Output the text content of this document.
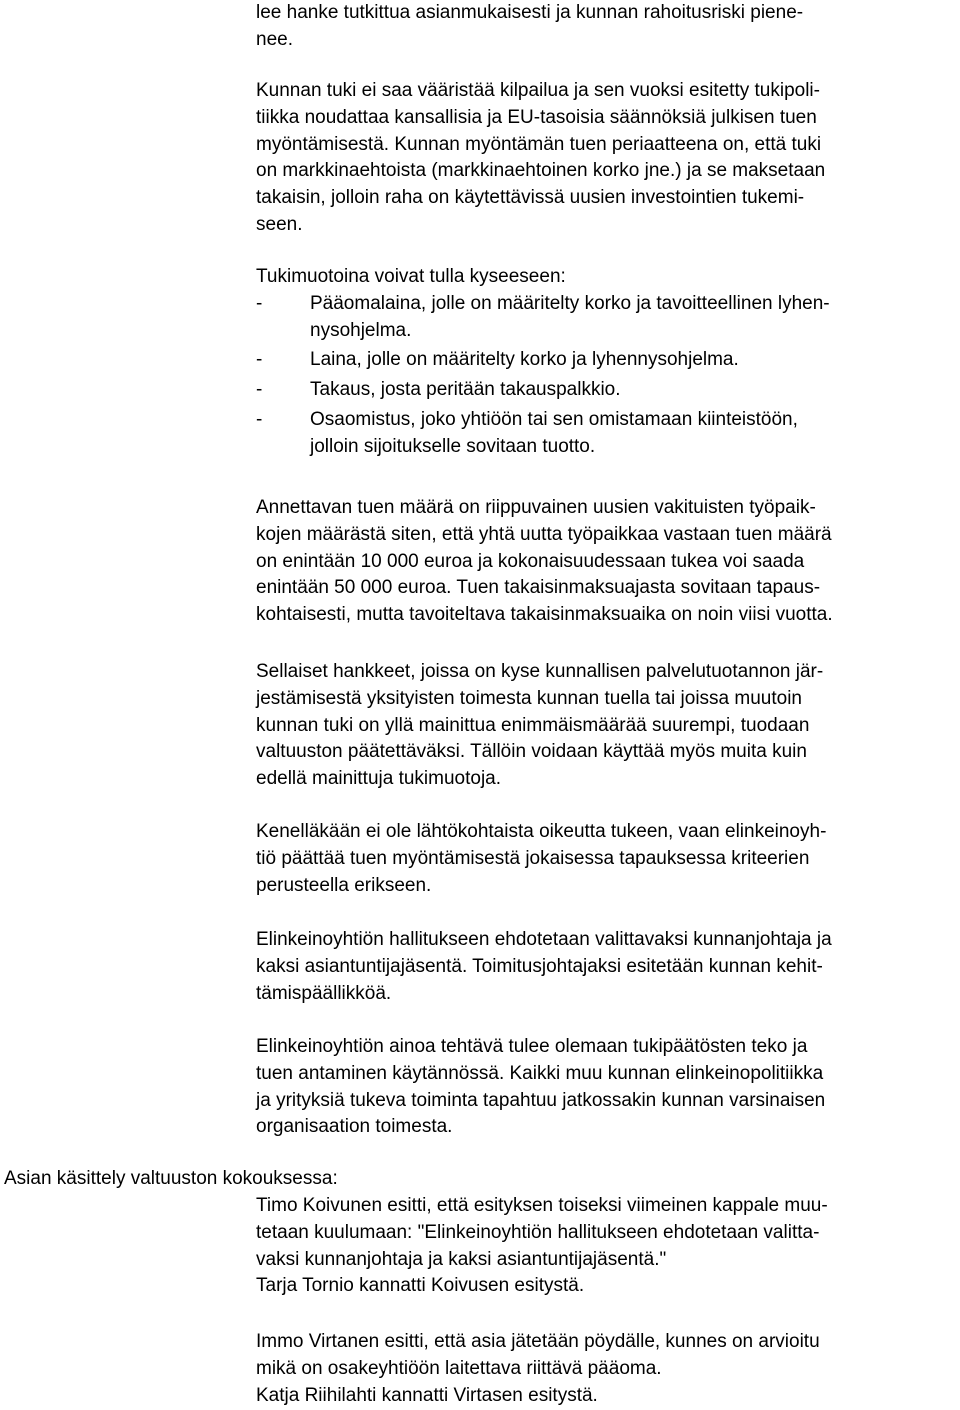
lee hanke tutkittua asianmukaisesti ja kunnan rahoitusriski piene-
nee.
Kunnan tuki ei saa vääristää kilpailua ja sen vuoksi esitetty tukipoli-
tiikka noudattaa kansallisia ja EU-tasoisia säännöksiä julkisen tuen
myöntämisestä. Kunnan myöntämän tuen periaatteena on, että tuki
on markkinaehtoista (markkinaehtoinen korko jne.) ja se maksetaan
takaisin, jolloin raha on käytettävissä uusien investointien tukemi-
seen.
Tukimuotoina voivat tulla kyseeseen:
-	Pääomalaina, jolle on määritelty korko ja tavoitteellinen lyhen-
nysohjelma.
-	Laina, jolle on määritelty korko ja lyhennysohjelma.
-	Takaus, josta peritään takauspalkkio.
-	Osaomistus, joko yhtiöön tai sen omistamaan kiinteistöön,
jolloin sijoitukselle sovitaan tuotto.
Annettavan tuen määrä on riippuvainen uusien vakituisten työpaik-
kojen määrästä siten, että yhtä uutta työpaikkaa vastaan tuen määrä
on enintään 10 000 euroa ja kokonaisuudessaan tukea voi saada
enintään 50 000 euroa. Tuen takaisinmaksuajasta sovitaan tapaus-
kohtaisesti, mutta tavoiteltava takaisinmaksuaika on noin viisi vuotta.
Sellaiset hankkeet, joissa on kyse kunnallisen palvelutuotannon jär-
jestämisestä yksityisten toimesta kunnan tuella tai joissa muutoin
kunnan tuki on yllä mainittua enimmäismäärää suurempi, tuodaan
valtuuston päätettäväksi. Tällöin voidaan käyttää myös muita kuin
edellä mainittuja tukimuotoja.
Kenelläkään ei ole lähtökohtaista oikeutta tukeen, vaan elinkeinoyh-
tiö päättää tuen myöntämisestä jokaisessa tapauksessa kriteerien
perusteella erikseen.
Elinkeinoyhtiön hallitukseen ehdotetaan valittavaksi kunnanjohtaja ja
kaksi asiantuntijajäsentä. Toimitusjohtajaksi esitetään kunnan kehit-
tämispäällikköä.
Elinkeinoyhtiön ainoa tehtävä tulee olemaan tukipäätösten teko ja
tuen antaminen käytännössä. Kaikki muu kunnan elinkeinopolitiikka
ja yrityksiä tukeva toiminta tapahtuu jatkossakin kunnan varsinaisen
organisaation toimesta.
Asian käsittely valtuuston kokouksessa:
Timo Koivunen esitti, että esityksen toiseksi viimeinen kappale muu-
tetaan kuulumaan: "Elinkeinoyhtiön hallitukseen ehdotetaan valitta-
vaksi kunnanjohtaja ja kaksi asiantuntijajäsentä."
Tarja Tornio kannatti Koivusen esitystä.
Immo Virtanen esitti, että asia jätetään pöydälle, kunnes on arvioitu
mikä on osakeyhtiöön laitettava riittävä pääoma.
Katja Riihilahti kannatti Virtasen esitystä.
